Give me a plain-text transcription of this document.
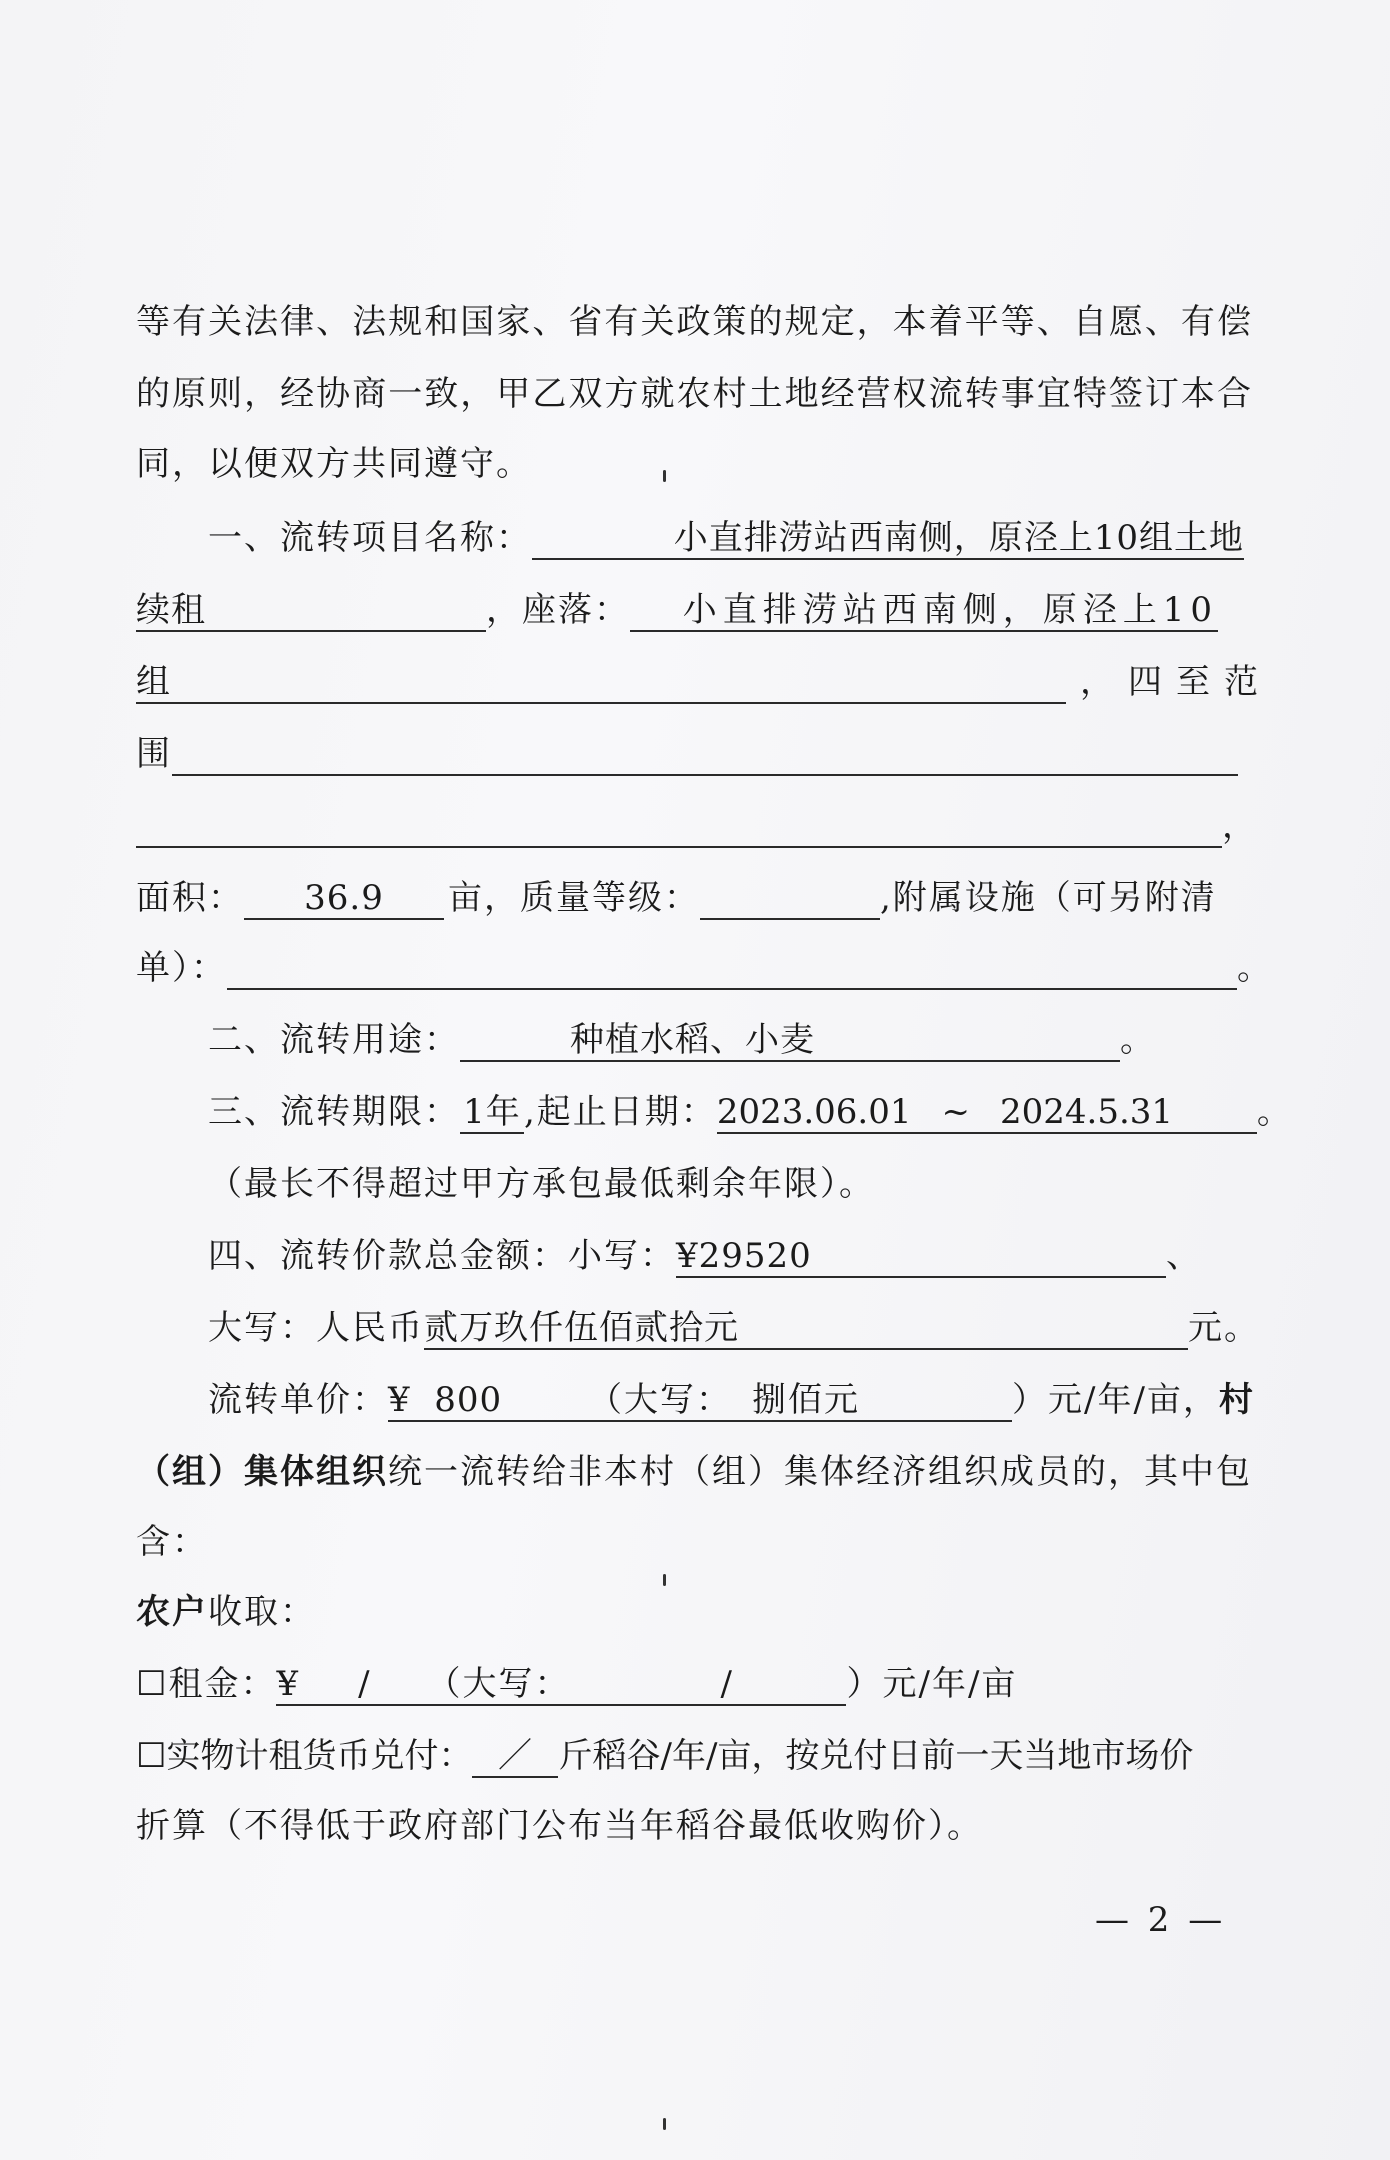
等 有 关 法 律 、 法 规 和 国 家 、 省 有 关 政 策 的 规 定 ， 本 着 平 等 、 自 愿 、 有 偿
的 原 则 ， 经 协 商 一 致 ， 甲 乙 双 方 就 农 村 土 地 经 营 权 流 转 事 宜 特 签 订 本 合
同，以便双方共同遵守。
一、流转项目名称：	小直排涝站西南侧，原泾上10组土地
续租	，座落： 小直排涝站西南侧，原泾上10
组	，四至范
围
，
面积： 36.9 亩，质量等级：	,附属设施（可另附清
单）：	。
二、流转用途：	种植水稻、小麦	。
三、流转期限：1年,起止日期：2023.06.01 ~ 2024.5.31 。
（最长不得超过甲方承包最低剩余年限）。
四、流转价款总金额：小写：¥29520	、
大写：人民币贰万玖仟伍佰贰拾元	元。
流转单价：¥  800	（大写： 捌佰元	）元/年/亩，村
（组）集体组织统一流转给非本村（组）集体经济组织成员的，其中包
含：
农户收取：
☐租金：¥     / （大写：	/	）元/年/亩
☐实物计租货币兑付： ／ 斤稻谷/年/亩，按兑付日前一天当地市场价
折算（不得低于政府部门公布当年稻谷最低收购价）。
— 2 —
